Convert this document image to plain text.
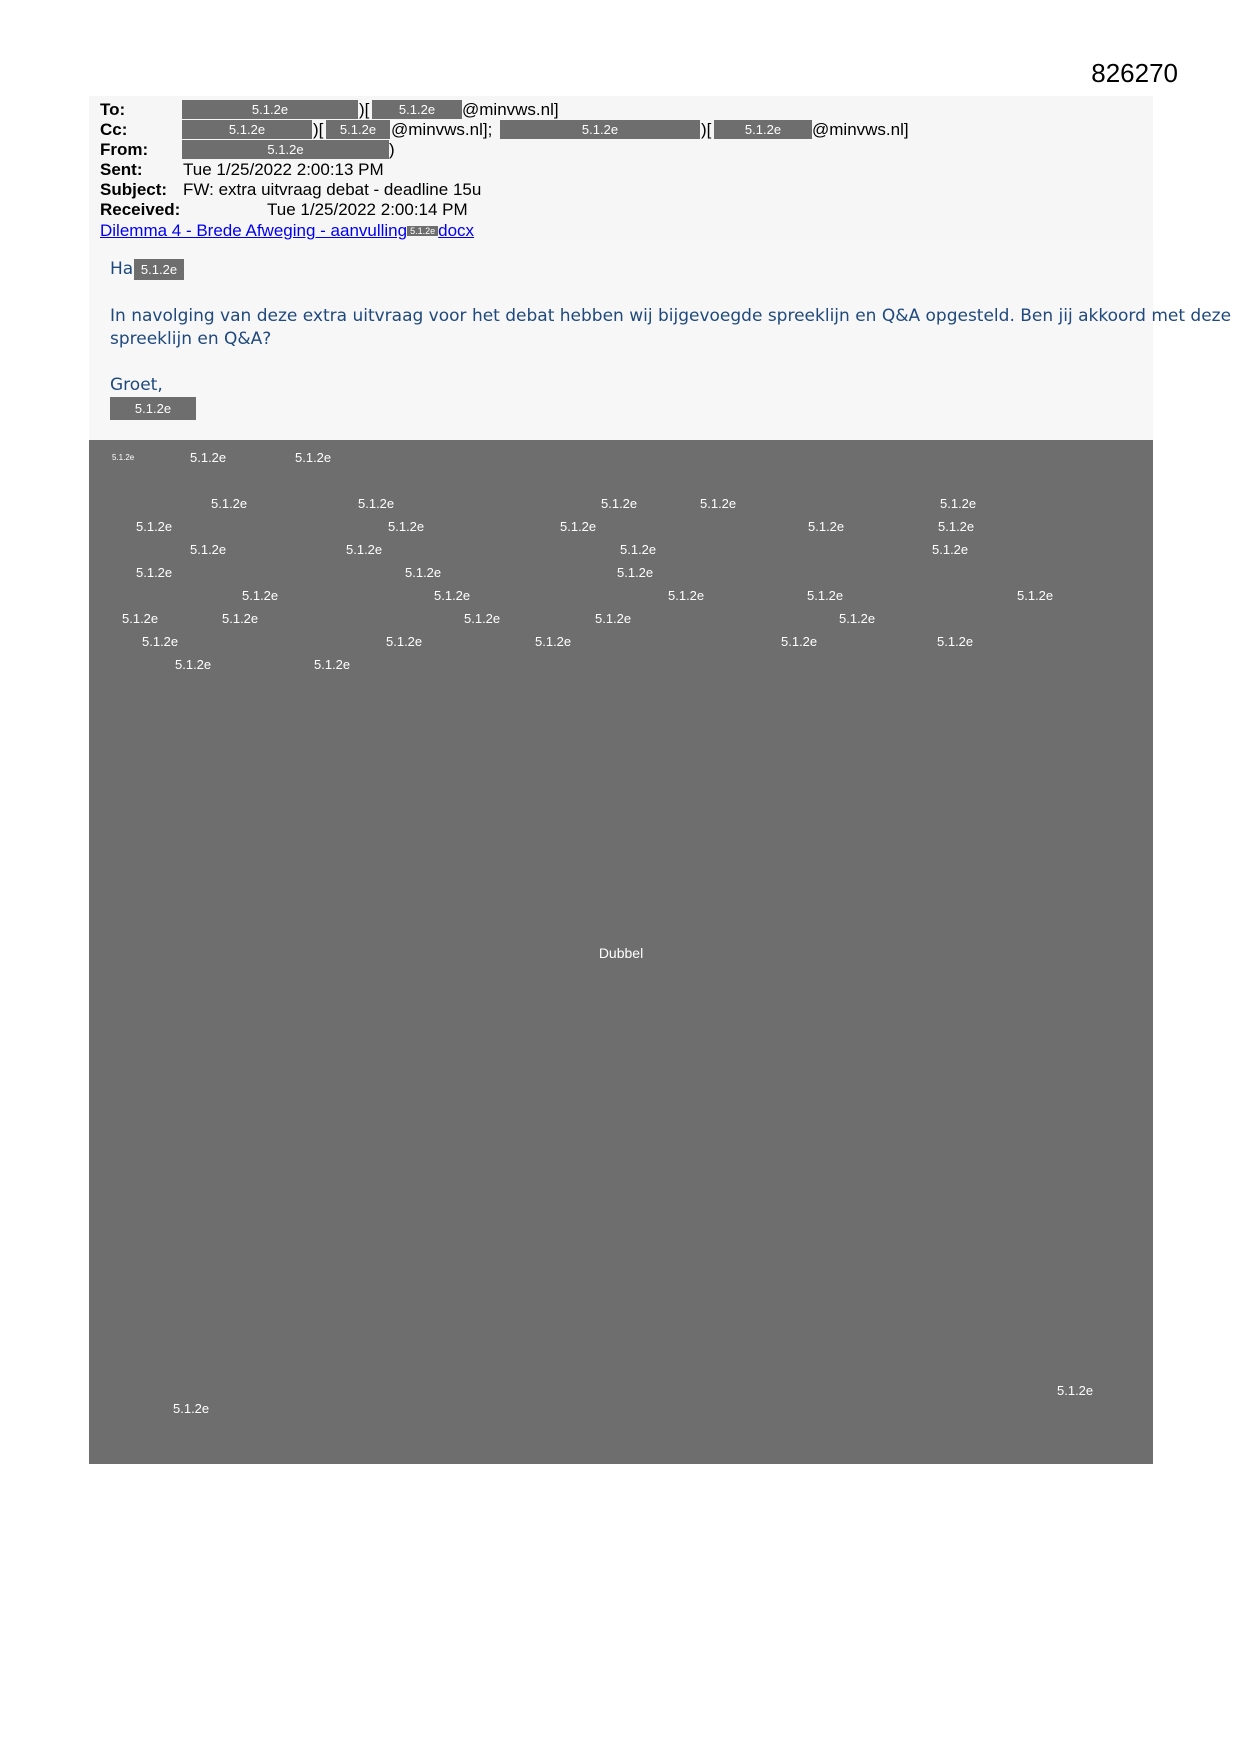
826270
To:	5.1.2e	)[	5.1.2e	@minvws.nl]
Cc:	5.1.2e	)[	5.1.2e @minvws.nl];	5.1.2e	)[	5.1.2e	@minvws.nl]
From:	5.1.2e	)
Sent: Tue 1/25/2022 2:00:13 PM
Subject: FW: extra uitvraag debat - deadline 15u
Received:	Tue 1/25/2022 2:00:14 PM
Dilemma 4 - Brede Afweging - aanvulling 5.1.2e docx
Ha 5.1.2e
In navolging van deze extra uitvraag voor het debat hebben wij bijgevoegde spreeklijn en Q&A opgesteld. Ben jij akkoord met deze
spreeklijn en Q&A?
Groet,
5.1.2e
5.1.2e	5.1.2e	5.1.2e
5.1.2e	5.1.2e	5.1.2e	5.1.2e	5.1.2e
5.1.2e	5.1.2e	5.1.2e	5.1.2e	5.1.2e
5.1.2e	5.1.2e	5.1.2e	5.1.2e
5.1.2e	5.1.2e	5.1.2e
5.1.2e	5.1.2e	5.1.2e	5.1.2e	5.1.2e
5.1.2e	5.1.2e	5.1.2e	5.1.2e	5.1.2e
5.1.2e	5.1.2e	5.1.2e	5.1.2e	5.1.2e
5.1.2e	5.1.2e
Dubbel
5.1.2e
5.1.2e
